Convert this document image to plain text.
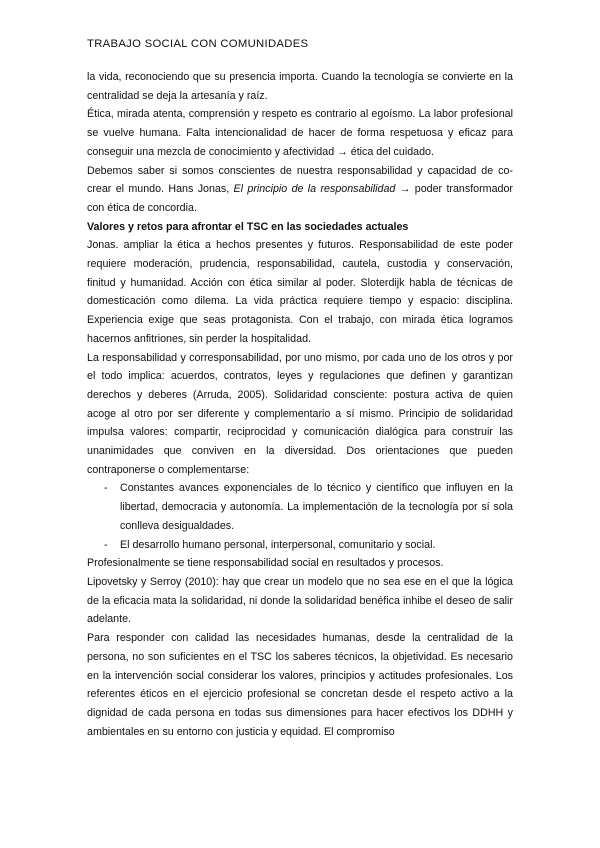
TRABAJO SOCIAL CON COMUNIDADES

la vida, reconociendo que su presencia importa. Cuando la tecnología se convierte en la centralidad se deja la artesanía y raíz.

Ética, mirada atenta, comprensión y respeto es contrario al egoísmo. La labor profesional se vuelve humana. Falta intencionalidad de hacer de forma respetuosa y eficaz para conseguir una mezcla de conocimiento y afectividad → ética del cuidado.

Debemos saber si somos conscientes de nuestra responsabilidad y capacidad de co-crear el mundo. Hans Jonas, El principio de la responsabilidad → poder transformador con ética de concordia.

Valores y retos para afrontar el TSC en las sociedades actuales

Jonas. ampliar la ética a hechos presentes y futuros. Responsabilidad de este poder requiere moderación, prudencia, responsabilidad, cautela, custodia y conservación, finitud y humanidad. Acción con ética similar al poder. Sloterdijk habla de técnicas de domesticación como dilema. La vida práctica requiere tiempo y espacio: disciplina. Experiencia exige que seas protagonista. Con el trabajo, con mirada ética logramos hacernos anfitriones, sin perder la hospitalidad.

La responsabilidad y corresponsabilidad, por uno mismo, por cada uno de los otros y por el todo implica: acuerdos, contratos, leyes y regulaciones que definen y garantizan derechos y deberes (Arruda, 2005). Solidaridad consciente: postura activa de quien acoge al otro por ser diferente y complementario a sí mismo. Principio de solidaridad impulsa valores: compartir, reciprocidad y comunicación dialógica para construir las unanimidades que conviven en la diversidad. Dos orientaciones que pueden contraponerse o complementarse:

- Constantes avances exponenciales de lo técnico y científico que influyen en la libertad, democracia y autonomía. La implementación de la tecnología por sí sola conlleva desigualdades.
- El desarrollo humano personal, interpersonal, comunitario y social.

Profesionalmente se tiene responsabilidad social en resultados y procesos.

Lipovetsky y Serroy (2010): hay que crear un modelo que no sea ese en el que la lógica de la eficacia mata la solidaridad, ni donde la solidaridad benéfica inhibe el deseo de salir adelante.

Para responder con calidad las necesidades humanas, desde la centralidad de la persona, no son suficientes en el TSC los saberes técnicos, la objetividad. Es necesario en la intervención social considerar los valores, principios y actitudes profesionales. Los referentes éticos en el ejercicio profesional se concretan desde el respeto activo a la dignidad de cada persona en todas sus dimensiones para hacer efectivos los DDHH y ambientales en su entorno con justicia y equidad. El compromiso
